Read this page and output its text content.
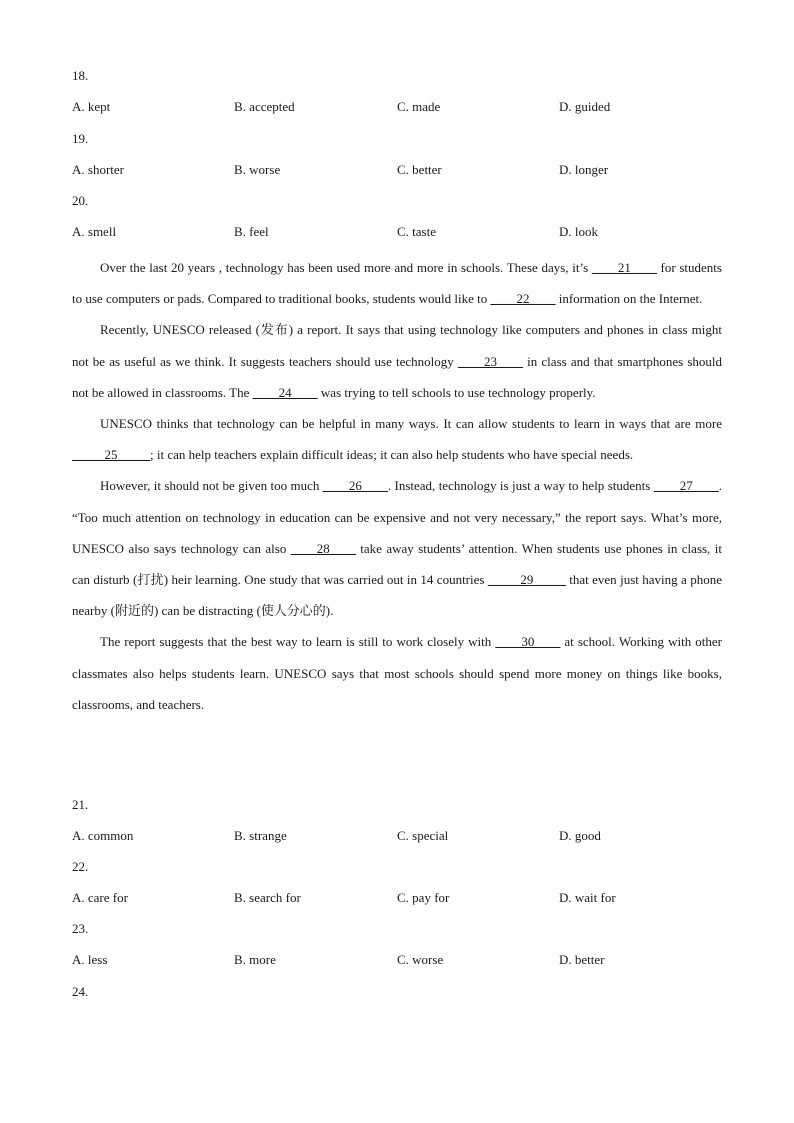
18.
A. kept	B. accepted	C. made	D. guided
19.
A. shorter	B. worse	C. better	D. longer
20.
A. smell	B. feel	C. taste	D. look

Over the last 20 years , technology has been used more and more in schools. These days, it’s ____21____ for students to use computers or pads. Compared to traditional books, students would like to ____22____ information on the Internet.

Recently, UNESCO released (发布) a report. It says that using technology like computers and phones in class might not be as useful as we think. It suggests teachers should use technology ____23____ in class and that smartphones should not be allowed in classrooms. The ____24____ was trying to tell schools to use technology properly.

UNESCO thinks that technology can be helpful in many ways. It can allow students to learn in ways that are more _____25_____; it can help teachers explain difficult ideas; it can also help students who have special needs.

However, it should not be given too much ____26____. Instead, technology is just a way to help students ____27____. “Too much attention on technology in education can be expensive and not very necessary,” the report says. What’s more, UNESCO also says technology can also ____28____ take away students’ attention. When students use phones in class, it can disturb (打扰) heir learning. One study that was carried out in 14 countries _____29_____ that even just having a phone nearby (附近的) can be distracting (使人分心的).

The report suggests that the best way to learn is still to work closely with ____30____ at school. Working with other classmates also helps students learn. UNESCO says that most schools should spend more money on things like books, classrooms, and teachers.

21.
A. common	B. strange	C. special	D. good
22.
A. care for	B. search for	C. pay for	D. wait for
23.
A. less	B. more	C. worse	D. better
24.
